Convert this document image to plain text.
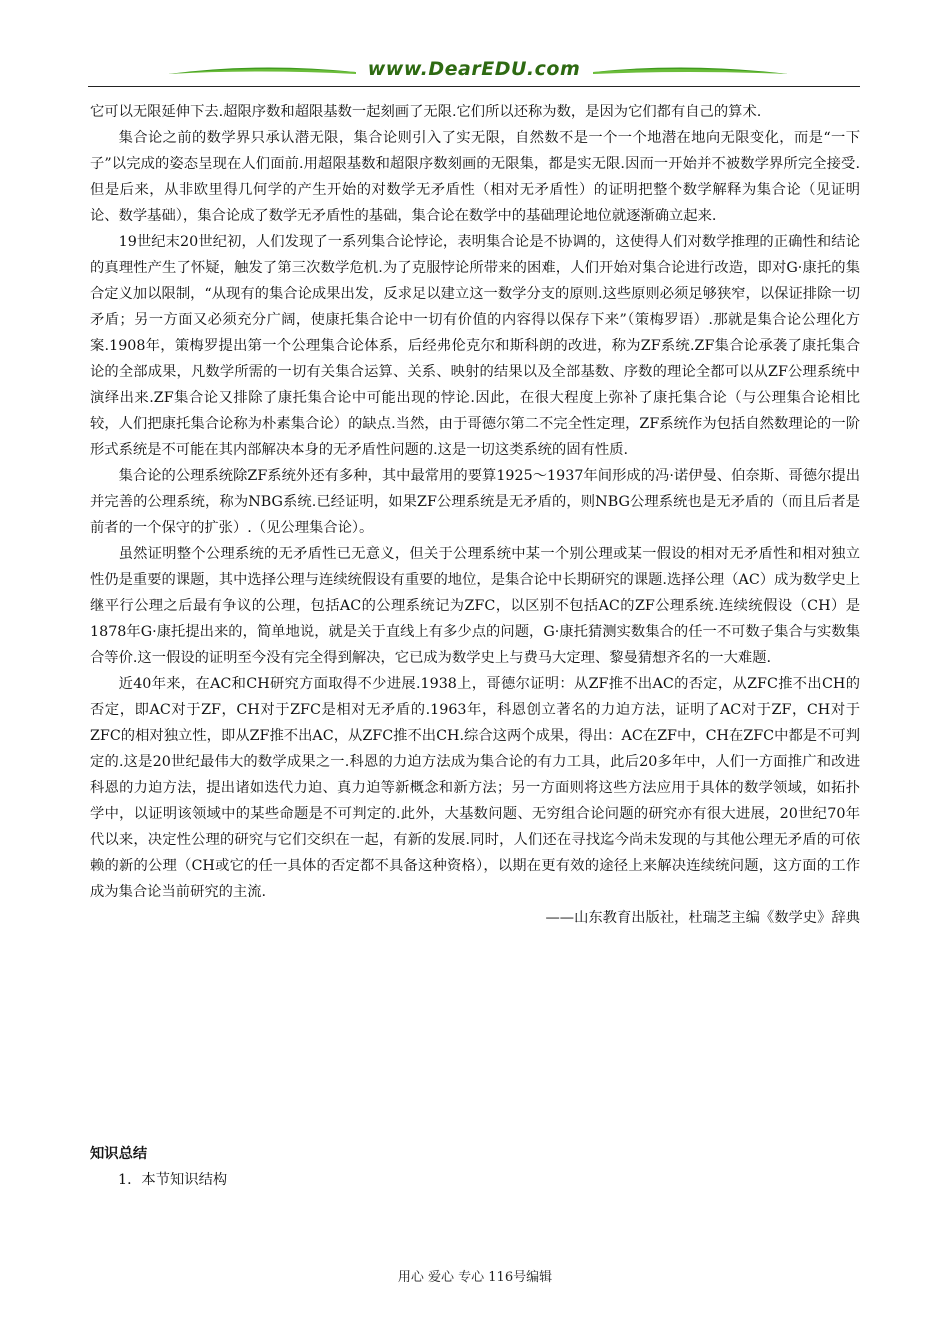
www.DearEDU.com

它可以无限延伸下去.超限序数和超限基数一起刻画了无限.它们所以还称为数，是因为它们都有自己的算术.

集合论之前的数学界只承认潜无限，集合论则引入了实无限，自然数不是一个一个地潜在地向无限变化，而是“一下子”以完成的姿态呈现在人们面前.用超限基数和超限序数刻画的无限集，都是实无限.因而一开始并不被数学界所完全接受.但是后来，从非欧里得几何学的产生开始的对数学无矛盾性（相对无矛盾性）的证明把整个数学解释为集合论（见证明论、数学基础），集合论成了数学无矛盾性的基础，集合论在数学中的基础理论地位就逐渐确立起来.

19世纪末20世纪初，人们发现了一系列集合论悖论，表明集合论是不协调的，这使得人们对数学推理的正确性和结论的真理性产生了怀疑，触发了第三次数学危机.为了克服悖论所带来的困难，人们开始对集合论进行改造，即对G·康托的集合定义加以限制，“从现有的集合论成果出发，反求足以建立这一数学分支的原则.这些原则必须足够狭窄，以保证排除一切矛盾；另一方面又必须充分广阔，使康托集合论中一切有价值的内容得以保存下来”（策梅罗语）.那就是集合论公理化方案.1908年，策梅罗提出第一个公理集合论体系，后经弗伦克尔和斯科朗的改进，称为ZF系统.ZF集合论承袭了康托集合论的全部成果，凡数学所需的一切有关集合运算、关系、映射的结果以及全部基数、序数的理论全都可以从ZF公理系统中演绎出来.ZF集合论又排除了康托集合论中可能出现的悖论.因此，在很大程度上弥补了康托集合论（与公理集合论相比较，人们把康托集合论称为朴素集合论）的缺点.当然，由于哥德尔第二不完全性定理，ZF系统作为包括自然数理论的一阶形式系统是不可能在其内部解决本身的无矛盾性问题的.这是一切这类系统的固有性质.

集合论的公理系统除ZF系统外还有多种，其中最常用的要算1925～1937年间形成的冯·诺伊曼、伯奈斯、哥德尔提出并完善的公理系统，称为NBG系统.已经证明，如果ZF公理系统是无矛盾的，则NBG公理系统也是无矛盾的（而且后者是前者的一个保守的扩张）.（见公理集合论）。

虽然证明整个公理系统的无矛盾性已无意义，但关于公理系统中某一个别公理或某一假设的相对无矛盾性和相对独立性仍是重要的课题，其中选择公理与连续统假设有重要的地位，是集合论中长期研究的课题.选择公理（AC）成为数学史上继平行公理之后最有争议的公理，包括AC的公理系统记为ZFC，以区别不包括AC的ZF公理系统.连续统假设（CH）是1878年G·康托提出来的，简单地说，就是关于直线上有多少点的问题，G·康托猜测实数集合的任一不可数子集合与实数集合等价.这一假设的证明至今没有完全得到解决，它已成为数学史上与费马大定理、黎曼猜想齐名的一大难题.

近40年来，在AC和CH研究方面取得不少进展.1938上，哥德尔证明：从ZF推不出AC的否定，从ZFC推不出CH的否定，即AC对于ZF，CH对于ZFC是相对无矛盾的.1963年，科恩创立著名的力迫方法，证明了AC对于ZF，CH对于ZFC的相对独立性，即从ZF推不出AC，从ZFC推不出CH.综合这两个成果，得出：AC在ZF中，CH在ZFC中都是不可判定的.这是20世纪最伟大的数学成果之一.科恩的力迫方法成为集合论的有力工具，此后20多年中，人们一方面推广和改进科恩的力迫方法，提出诸如迭代力迫、真力迫等新概念和新方法；另一方面则将这些方法应用于具体的数学领域，如拓扑学中，以证明该领域中的某些命题是不可判定的.此外，大基数问题、无穷组合论问题的研究亦有很大进展，20世纪70年代以来，决定性公理的研究与它们交织在一起，有新的发展.同时，人们还在寻找迄今尚未发现的与其他公理无矛盾的可依赖的新的公理（CH或它的任一具体的否定都不具备这种资格），以期在更有效的途径上来解决连续统问题，这方面的工作成为集合论当前研究的主流.

——山东教育出版社，杜瑞芝主编《数学史》辞典

知识总结
1．本节知识结构
用心 爱心 专心 116号编辑
